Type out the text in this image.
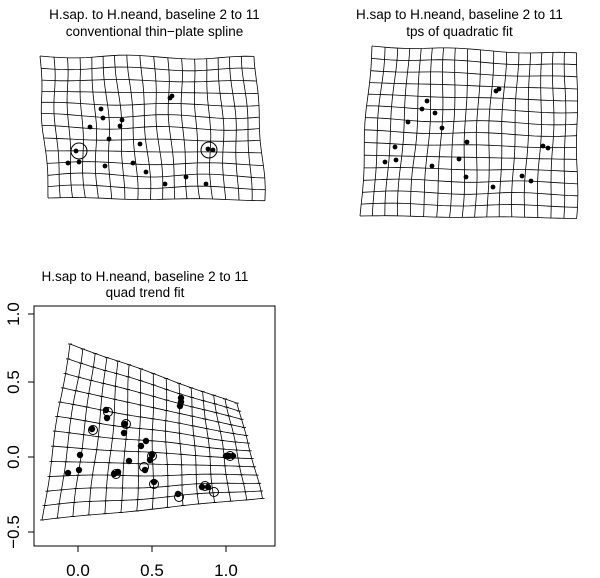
H.sap. to H.neand, baseline 2 to 11
conventional thin−plate spline
H.sap to H.neand, baseline 2 to 11
tps of quadratic fit
H.sap to H.neand, baseline 2 to 11
quad trend fit
0.0	0.5	1.0
−0.5
0.0
0.5
1.0
